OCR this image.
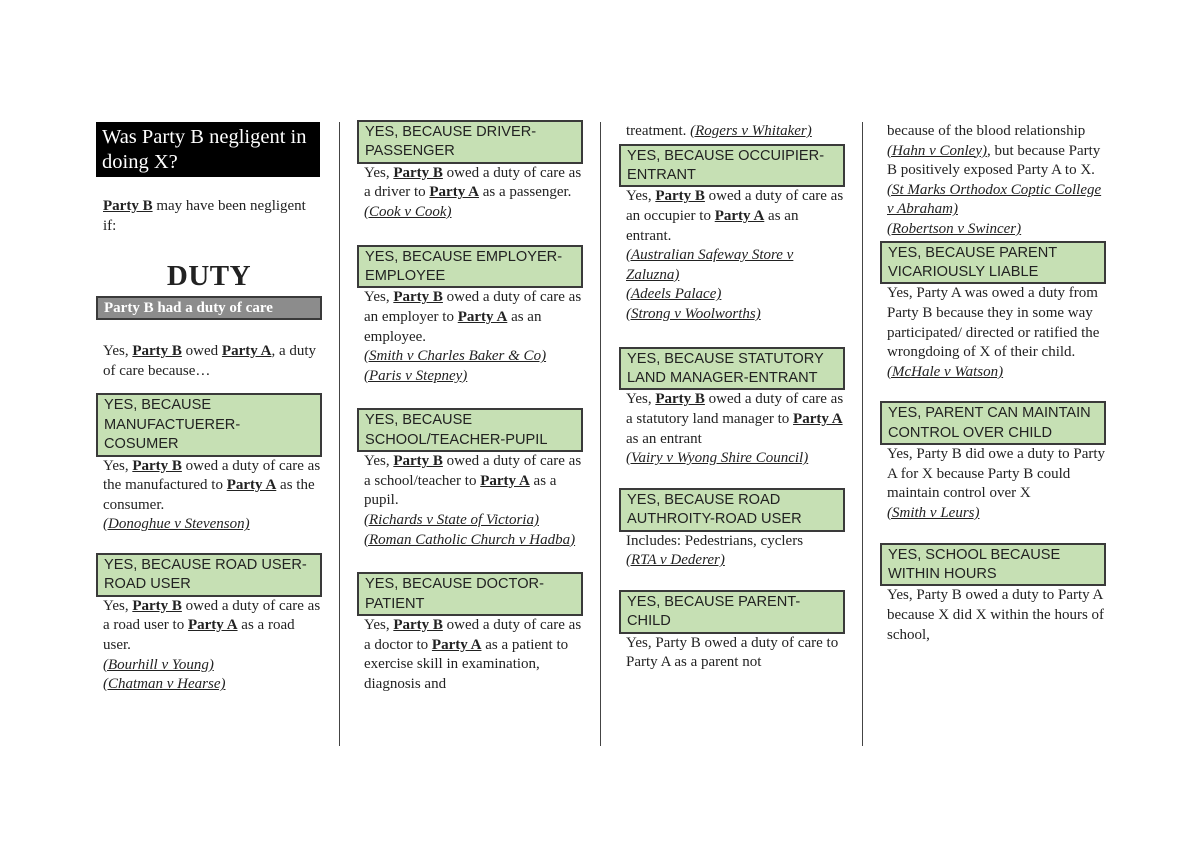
Was Party B negligent in doing X?

Party B may have been negligent if:

DUTY
Party B had a duty of care

Yes, Party B owed Party A, a duty of care because…

YES, BECAUSE MANUFACTUERER-COSUMER

Yes, Party B owed a duty of care as the manufactured to Party A as the consumer.
(Donoghue v Stevenson)

YES, BECAUSE ROAD USER-ROAD USER

Yes, Party B owed a duty of care as a road user to Party A as a road user.
(Bourhill v Young)
(Chatman v Hearse)

YES, BECAUSE DRIVER-PASSENGER

Yes, Party B owed a duty of care as a driver to Party A as a passenger.
(Cook v Cook)

YES, BECAUSE EMPLOYER-EMPLOYEE

Yes, Party B owed a duty of care as an employer to Party A as an employee.
(Smith v Charles Baker & Co)
(Paris v Stepney)

YES, BECAUSE SCHOOL/TEACHER-PUPIL

Yes, Party B owed a duty of care as a school/teacher to Party A as a pupil.
(Richards v State of Victoria)
(Roman Catholic Church v Hadba)

YES, BECAUSE DOCTOR-PATIENT

Yes, Party B owed a duty of care as a doctor to Party A as a patient to exercise skill in examination, diagnosis and

treatment. (Rogers v Whitaker)

YES, BECAUSE OCCUIPIER-ENTRANT

Yes, Party B owed a duty of care as an occupier to Party A as an entrant.
(Australian Safeway Store v Zaluzna)
(Adeels Palace)
(Strong v Woolworths)

YES, BECAUSE STATUTORY LAND MANAGER-ENTRANT

Yes, Party B owed a duty of care as a statutory land manager to Party A as an entrant
(Vairy v Wyong Shire Council)

YES, BECAUSE ROAD AUTHROITY-ROAD USER

Includes: Pedestrians, cyclers
(RTA v Dederer)

YES, BECAUSE PARENT-CHILD

Yes, Party B owed a duty of care to Party A as a parent not

because of the blood relationship (Hahn v Conley), but because Party B positively exposed Party A to X.
(St Marks Orthodox Coptic College v Abraham)
(Robertson v Swincer)

YES, BECAUSE PARENT VICARIOUSLY LIABLE

Yes, Party A was owed a duty from Party B because they in some way participated/ directed or ratified the wrongdoing of X of their child.
(McHale v Watson)

YES, PARENT CAN MAINTAIN CONTROL OVER CHILD

Yes, Party B did owe a duty to Party A for X because Party B could maintain control over X
(Smith v Leurs)

YES, SCHOOL BECAUSE WITHIN HOURS

Yes, Party B owed a duty to Party A because X did X within the hours of school,
